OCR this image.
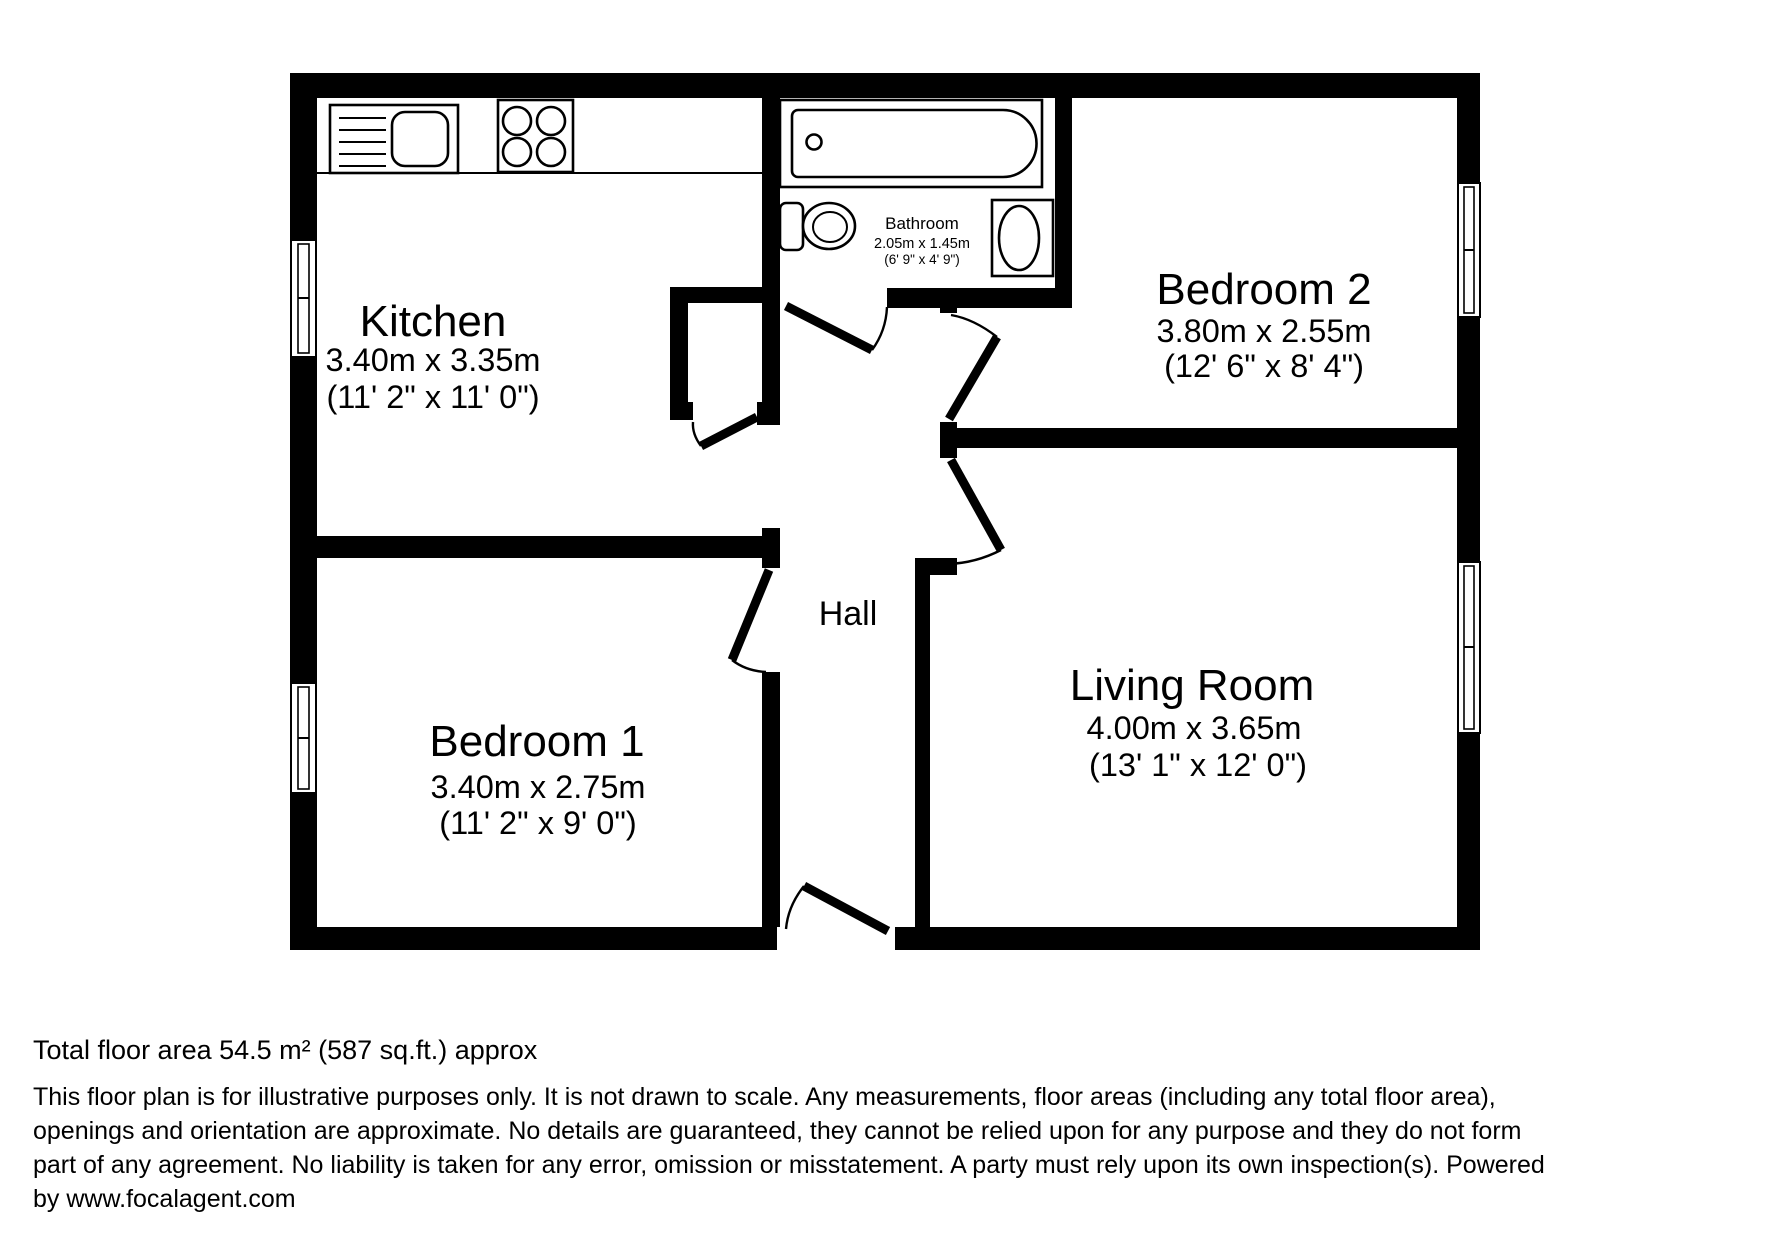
Kitchen
3.40m x 3.35m
(11' 2" x 11' 0")
Bathroom
2.05m x 1.45m
(6' 9" x 4' 9")
Bedroom 2
3.80m x 2.55m
(12' 6" x 8' 4")
Hall
Bedroom 1
3.40m x 2.75m
(11' 2" x 9' 0")
Living Room
4.00m x 3.65m
(13' 1" x 12' 0")
Total floor area 54.5 m² (587 sq.ft.) approx
This floor plan is for illustrative purposes only. It is not drawn to scale. Any measurements, floor areas (including any total floor area),
openings and orientation are approximate. No details are guaranteed, they cannot be relied upon for any purpose and they do not form
part of any agreement. No liability is taken for any error, omission or misstatement. A party must rely upon its own inspection(s). Powered
by www.focalagent.com
